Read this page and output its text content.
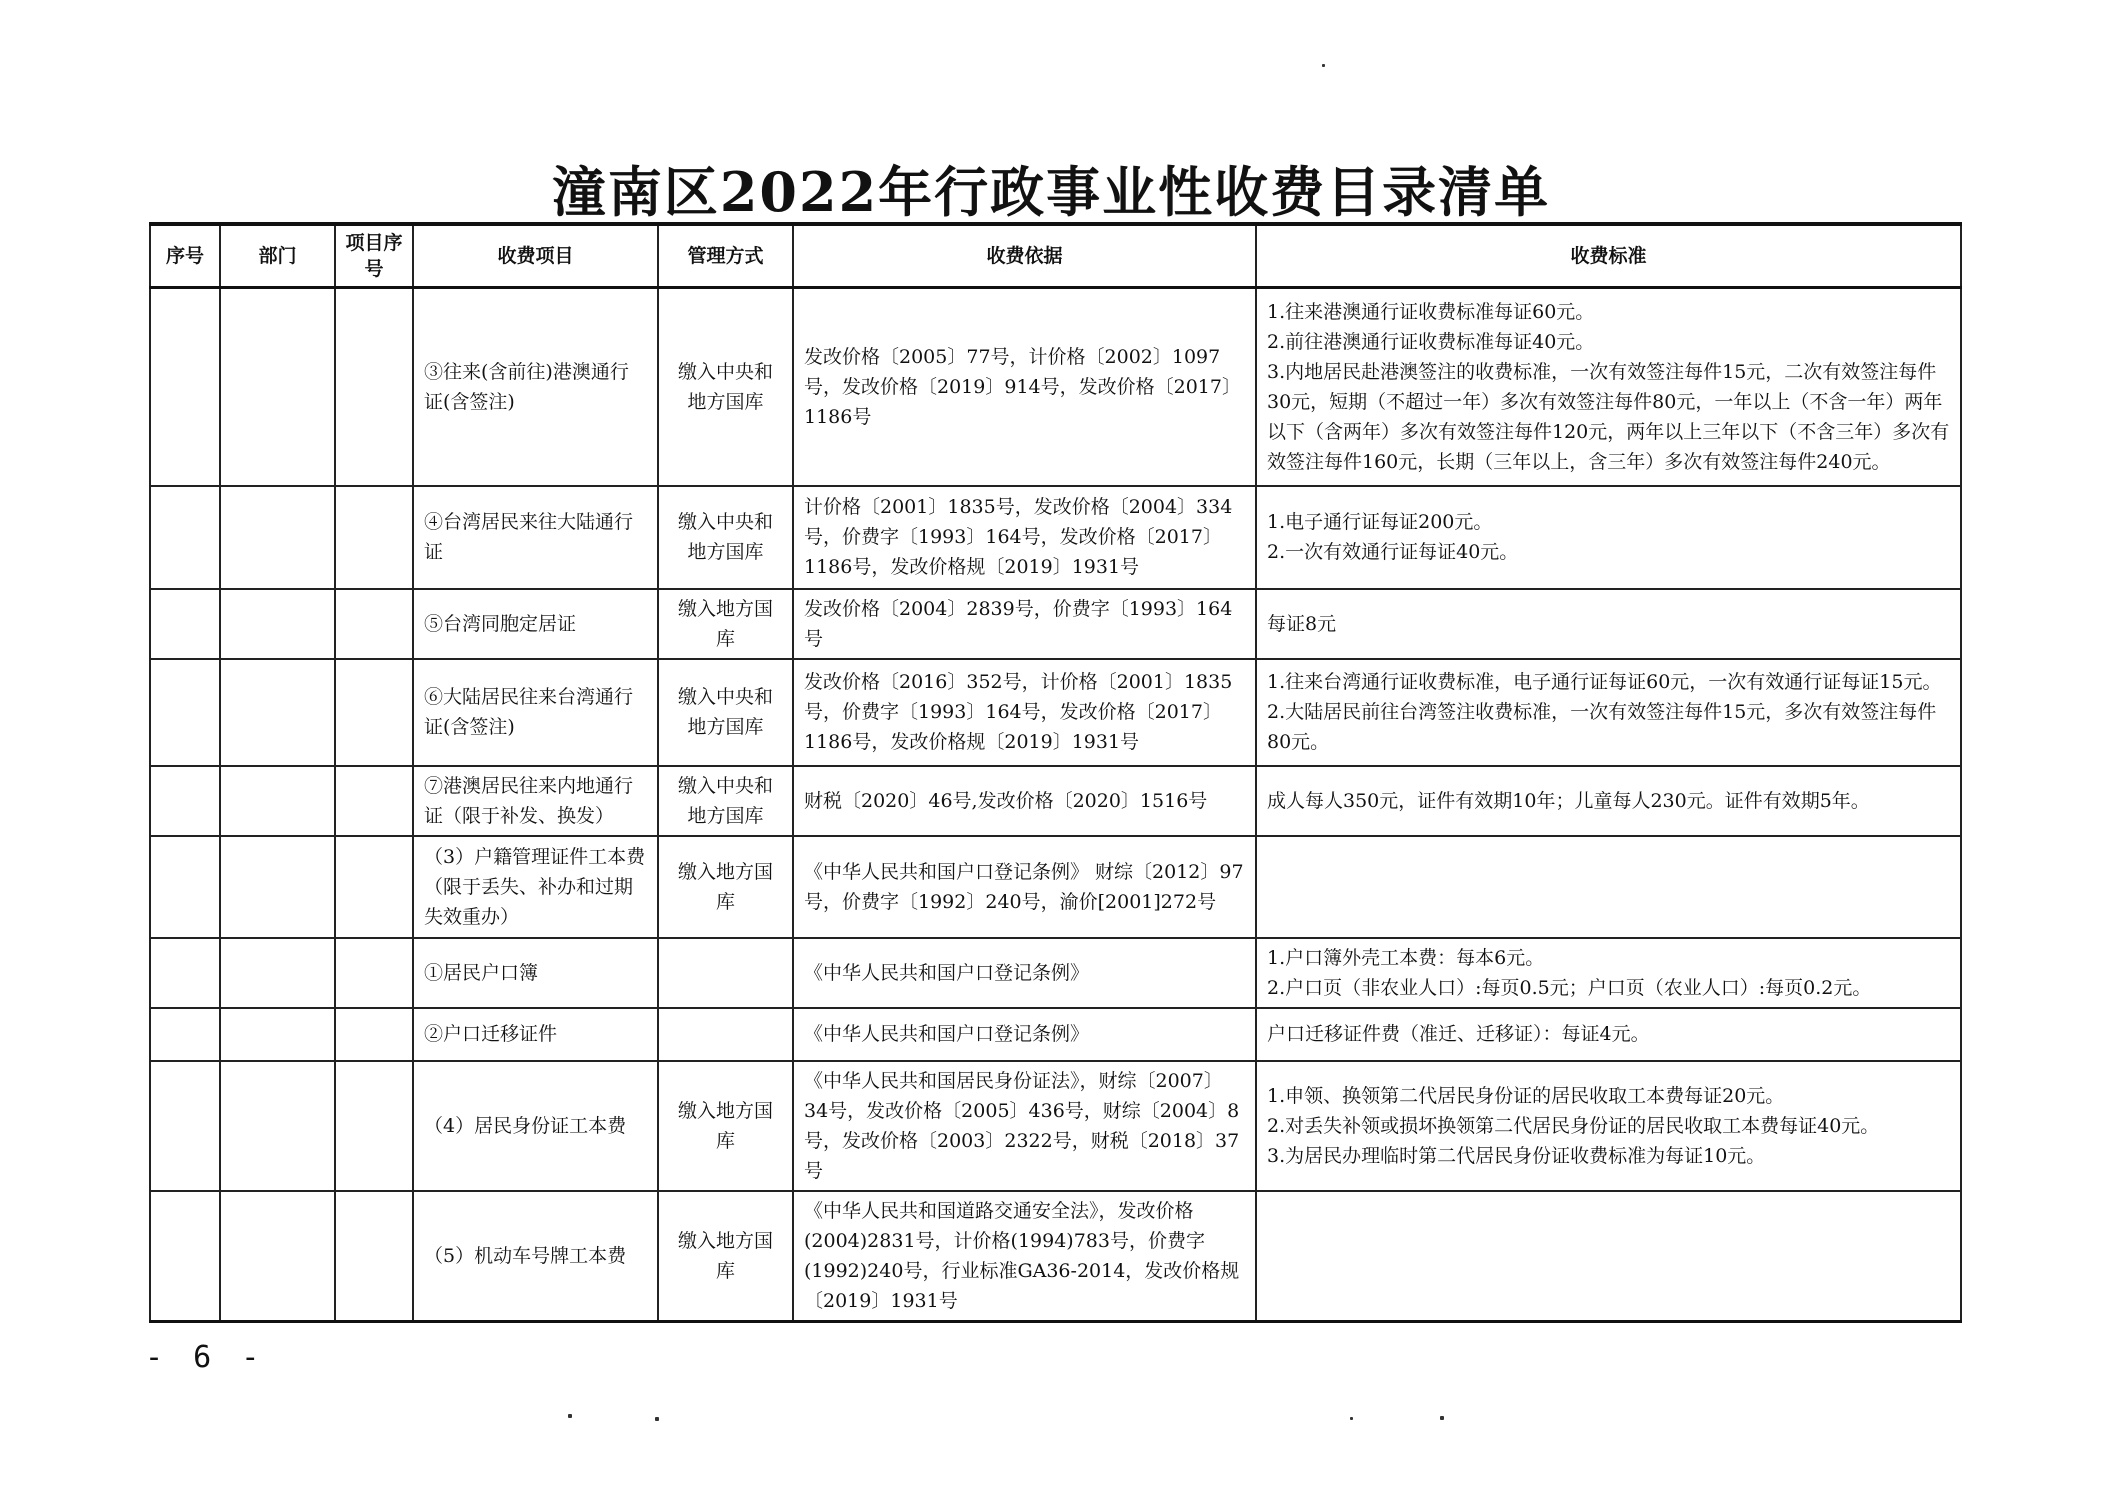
潼南区2022年行政事业性收费目录清单
序号	部门	项目序号	收费项目	管理方式	收费依据	收费标准
			③往来(含前往)港澳通行证(含签注)	缴入中央和地方国库	发改价格〔2005〕77号，计价格〔2002〕1097号，发改价格〔2019〕914号，发改价格〔2017〕1186号	1.往来港澳通行证收费标准每证60元。
2.前往港澳通行证收费标准每证40元。
3.内地居民赴港澳签注的收费标准，一次有效签注每件15元，二次有效签注每件30元，短期（不超过一年）多次有效签注每件80元，一年以上（不含一年）两年以下（含两年）多次有效签注每件120元，两年以上三年以下（不含三年）多次有效签注每件160元，长期（三年以上，含三年）多次有效签注每件240元。

			④台湾居民来往大陆通行证	缴入中央和地方国库	计价格〔2001〕1835号，发改价格〔2004〕334号，价费字〔1993〕164号，发改价格〔2017〕1186号，发改价格规〔2019〕1931号	1.电子通行证每证200元。
2.一次有效通行证每证40元。

			⑤台湾同胞定居证	缴入地方国库	发改价格〔2004〕2839号，价费字〔1993〕164号	每证8元

			⑥大陆居民往来台湾通行证(含签注)	缴入中央和地方国库	发改价格〔2016〕352号，计价格〔2001〕1835号，价费字〔1993〕164号，发改价格〔2017〕1186号，发改价格规〔2019〕1931号	1.往来台湾通行证收费标准，电子通行证每证60元，一次有效通行证每证15元。
2.大陆居民前往台湾签注收费标准，一次有效签注每件15元，多次有效签注每件80元。

			⑦港澳居民往来内地通行证（限于补发、换发）	缴入中央和地方国库	财税〔2020〕46号,发改价格〔2020〕1516号	成人每人350元，证件有效期10年；儿童每人230元。证件有效期5年。

			（3）户籍管理证件工本费（限于丢失、补办和过期失效重办）	缴入地方国库	《中华人民共和国户口登记条例》 财综〔2012〕97号，价费字〔1992〕240号，渝价[2001]272号	
			①居民户口簿		《中华人民共和国户口登记条例》	1.户口簿外壳工本费：每本6元。
2.户口页（非农业人口）:每页0.5元；户口页（农业人口）:每页0.2元。

			②户口迁移证件		《中华人民共和国户口登记条例》	户口迁移证件费（准迁、迁移证）：每证4元。

			（4）居民身份证工本费	缴入地方国库	《中华人民共和国居民身份证法》，财综〔2007〕34号，发改价格〔2005〕436号，财综〔2004〕8号，发改价格〔2003〕2322号，财税〔2018〕37号	1.申领、换领第二代居民身份证的居民收取工本费每证20元。
2.对丢失补领或损坏换领第二代居民身份证的居民收取工本费每证40元。
3.为居民办理临时第二代居民身份证收费标准为每证10元。

			（5）机动车号牌工本费	缴入地方国库	《中华人民共和国道路交通安全法》，发改价格(2004)2831号，计价格(1994)783号，价费字(1992)240号，行业标准GA36-2014，发改价格规〔2019〕1931号	
- 6 -
